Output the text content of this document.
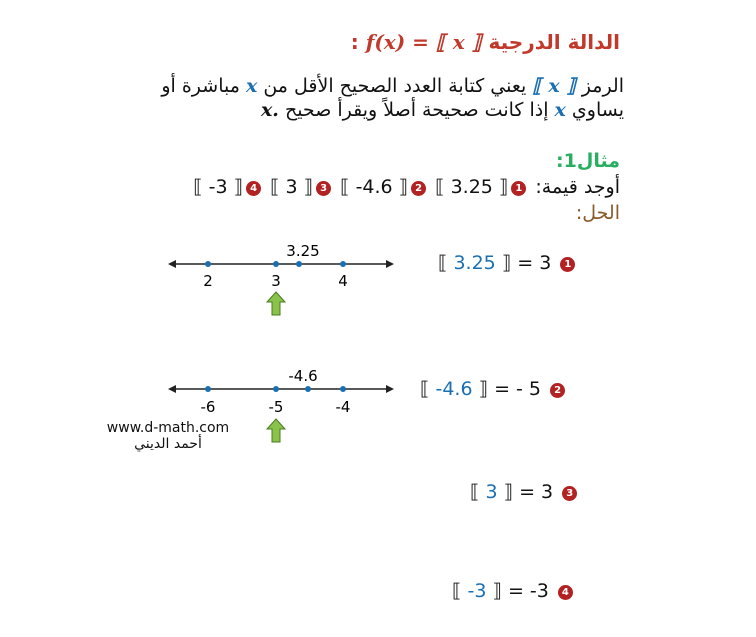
الدالة الدرجية f(x) = ⟦ x ⟧ :
الرمز ⟦ x ⟧ يعني كتابة العدد الصحيح الأقل من x مباشرة أو
يساوي x إذا كانت صحيحة أصلاً ويقرأ صحيح x.
مثال1:
أوجد قيمة: 1⟦ 3.25 ⟧ 2⟦ -4.6 ⟧ 3⟦ 3 ⟧ 4⟦ -3 ⟧
الحل:
2	3	4
3.25
⟦ 3.25 ⟧ = 3 1
-6	-5	-4
-4.6
www.d-math.com
أحمد الديني
⟦ -4.6 ⟧ = - 5 2
⟦ 3 ⟧ = 3 3
⟦ -3 ⟧ = -3 4
